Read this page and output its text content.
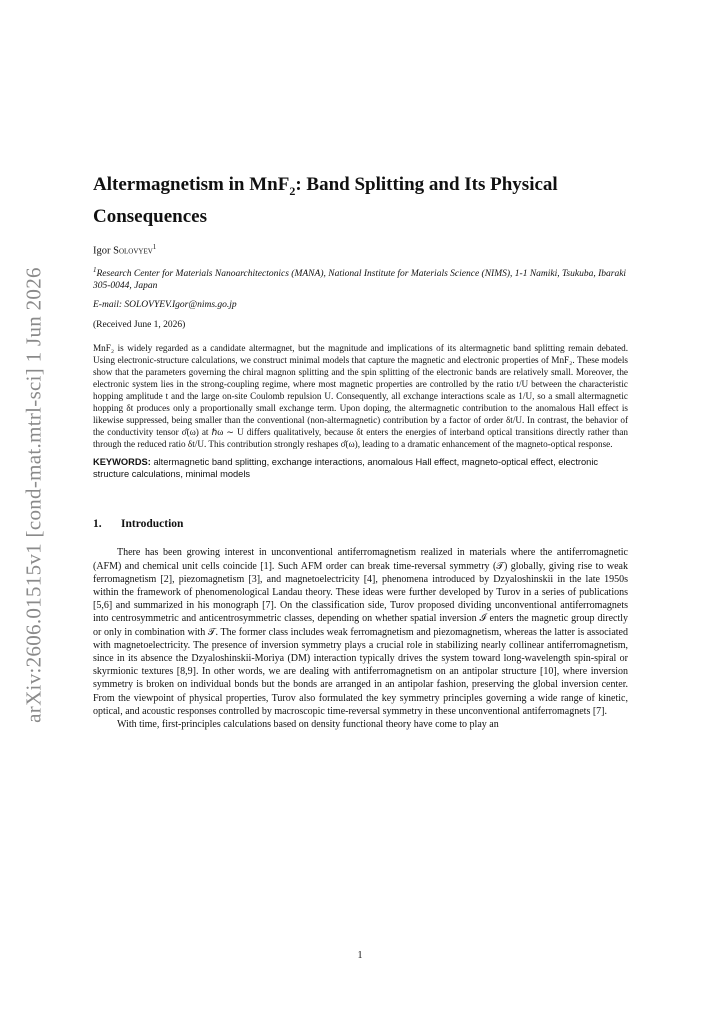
arXiv:2606.01515v1 [cond-mat.mtrl-sci] 1 Jun 2026
Altermagnetism in MnF$_2$: Band Splitting and Its Physical Consequences
Igor Solovyev$^1$
$^1$Research Center for Materials Nanoarchitectonics (MANA), National Institute for Materials Science (NIMS), 1-1 Namiki, Tsukuba, Ibaraki 305-0044, Japan
E-mail: SOLOVYEV.Igor@nims.go.jp
(Received June 1, 2026)
MnF₂ is widely regarded as a candidate altermagnet, but the magnitude and implications of its altermagnetic band splitting remain debated. Using electronic-structure calculations, we construct minimal models that capture the magnetic and electronic properties of MnF₂. These models show that the parameters governing the chiral magnon splitting and the spin splitting of the electronic bands are relatively small. Moreover, the electronic system lies in the strong-coupling regime, where most magnetic properties are controlled by the ratio t/U between the characteristic hopping amplitude t and the large on-site Coulomb repulsion U. Consequently, all exchange interactions scale as 1/U, so a small altermagnetic hopping δt produces only a proportionally small exchange term. Upon doping, the altermagnetic contribution to the anomalous Hall effect is likewise suppressed, being smaller than the conventional (non-altermagnetic) contribution by a factor of order δt/U. In contrast, the behavior of the conductivity tensor σ̂(ω) at ℏω ∼ U differs qualitatively, because δt enters the energies of interband optical transitions directly rather than through the reduced ratio δt/U. This contribution strongly reshapes σ̂(ω), leading to a dramatic enhancement of the magneto-optical response.
KEYWORDS: altermagnetic band splitting, exchange interactions, anomalous Hall effect, magneto-optical effect, electronic structure calculations, minimal models
1. Introduction

There has been growing interest in unconventional antiferromagnetism realized in materials where the antiferromagnetic (AFM) and chemical unit cells coincide [1]. Such AFM order can break time-reversal symmetry (𝒯) globally, giving rise to weak ferromagnetism [2], piezomagnetism [3], and magnetoelectricity [4], phenomena introduced by Dzyaloshinskii in the late 1950s within the framework of phenomenological Landau theory. These ideas were further developed by Turov in a series of publications [5,6] and summarized in his monograph [7]. On the classification side, Turov proposed dividing unconventional antiferromagnets into centrosymmetric and anticentrosymmetric classes, depending on whether spatial inversion ℐ enters the magnetic group directly or only in combination with 𝒯. The former class includes weak ferromagnetism and piezomagnetism, whereas the latter is associated with magnetoelectricity. The presence of inversion symmetry plays a crucial role in stabilizing nearly collinear antiferromagnetism, since in its absence the Dzyaloshinskii-Moriya (DM) interaction typically drives the system toward long-wavelength spin-spiral or skyrmionic textures [8,9]. In other words, we are dealing with antiferromagnetism on an antipolar structure [10], where inversion symmetry is broken on individual bonds but the bonds are arranged in an antipolar fashion, preserving the global inversion center. From the viewpoint of physical properties, Turov also formulated the key symmetry principles governing a wide range of kinetic, optical, and acoustic responses controlled by macroscopic time-reversal symmetry in these unconventional antiferromagnets [7].

With time, first-principles calculations based on density functional theory have come to play an

1
